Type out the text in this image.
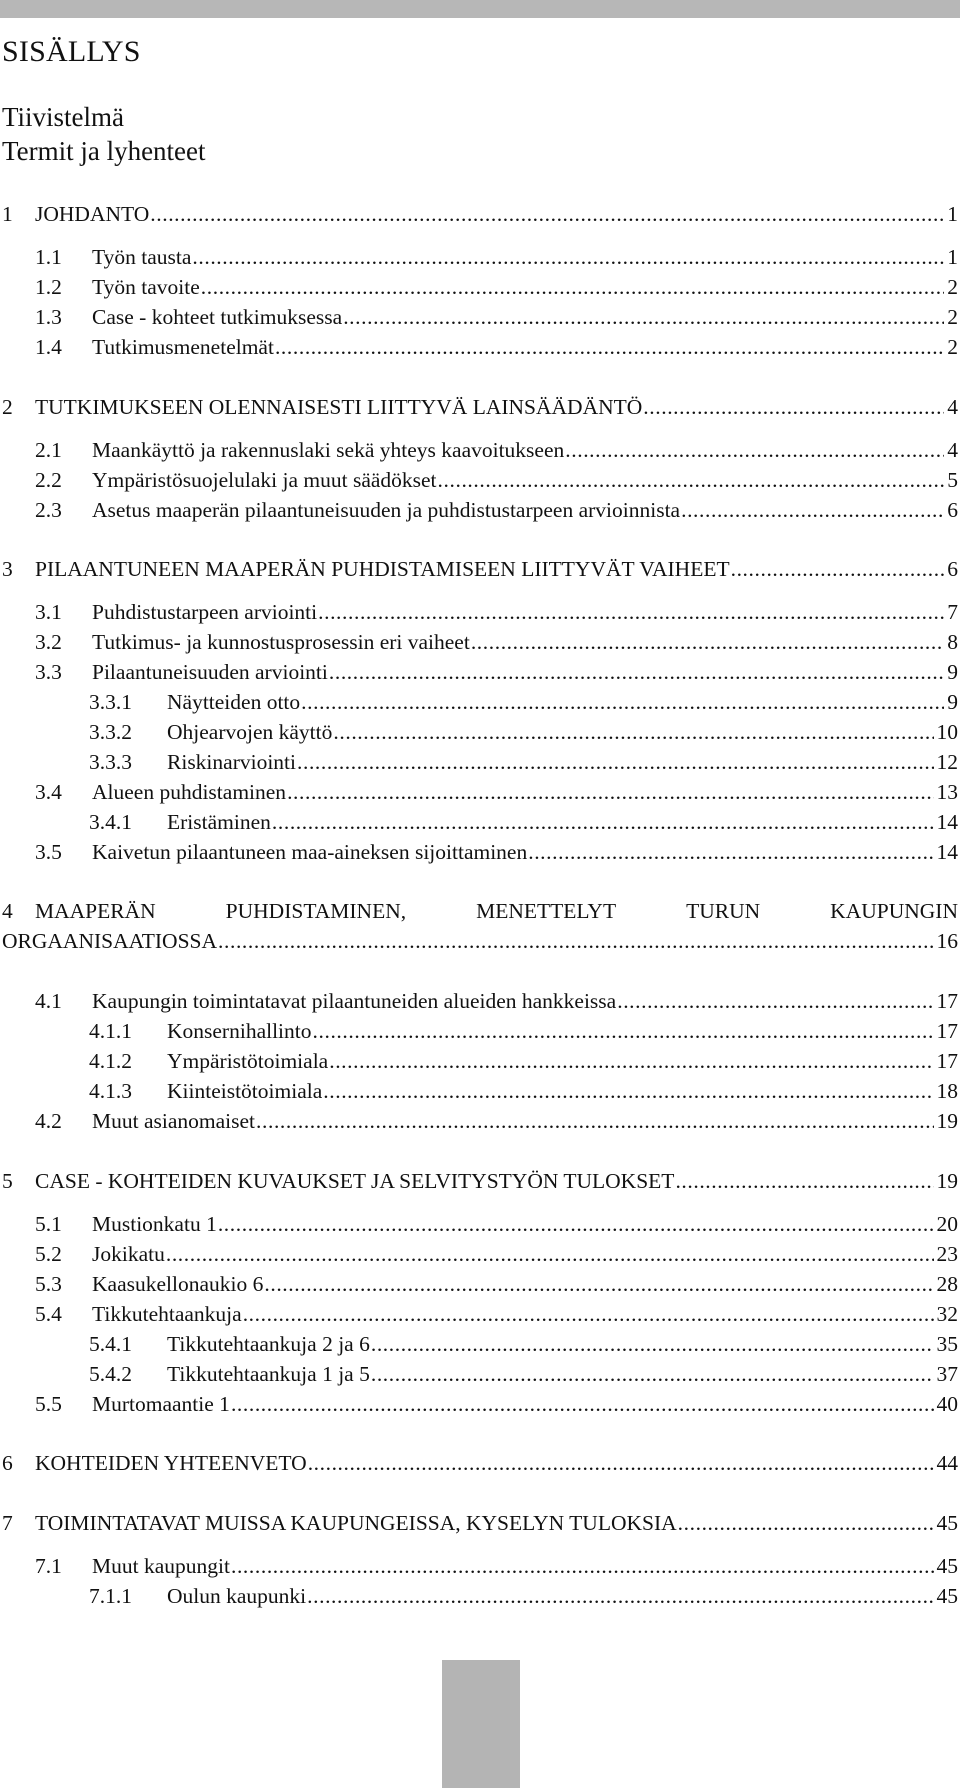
SISÄLLYS
Tiivistelmä
Termit ja lyhenteet
1 JOHDANTO .....	1
1.1 Työn tausta .....	1
1.2 Työn tavoite .....	2
1.3 Case - kohteet tutkimuksessa .....	2
1.4 Tutkimusmenetelmät .....	2
2 TUTKIMUKSEEN OLENNAISESTI LIITTYVÄ LAINSÄÄDÄNTÖ .....	4
2.1 Maankäyttö ja rakennuslaki sekä yhteys kaavoitukseen .....	4
2.2 Ympäristösuojelulaki ja muut säädökset .....	5
2.3 Asetus maaperän pilaantuneisuuden ja puhdistustarpeen arvioinnista .....	6
3 PILAANTUNEEN MAAPERÄN PUHDISTAMISEEN LIITTYVÄT VAIHEET .....	6
3.1 Puhdistustarpeen arviointi .....	7
3.2 Tutkimus- ja kunnostusprosessin eri vaiheet .....	8
3.3 Pilaantuneisuuden arviointi .....	9
3.3.1 Näytteiden otto .....	9
3.3.2 Ohjearvojen käyttö .....	10
3.3.3 Riskinarviointi .....	12
3.4 Alueen puhdistaminen .....	13
3.4.1 Eristäminen .....	14
3.5 Kaivetun pilaantuneen maa-aineksen sijoittaminen .....	14
4 MAAPERÄN	PUHDISTAMINEN,	MENETTELYT	TURUN	KAUPUNGIN
ORGAANISAATIOSSA .....	16
4.1 Kaupungin toimintatavat pilaantuneiden alueiden hankkeissa .....	17
4.1.1 Konsernihallinto .....	17
4.1.2 Ympäristötoimiala .....	17
4.1.3 Kiinteistötoimiala .....	18
4.2 Muut asianomaiset .....	19
5 CASE - KOHTEIDEN KUVAUKSET JA SELVITYSTYÖN TULOKSET .....	19
5.1 Mustionkatu 1 .....	20
5.2 Jokikatu .....	23
5.3 Kaasukellonaukio 6 .....	28
5.4 Tikkutehtaankuja .....	32
5.4.1 Tikkutehtaankuja 2 ja 6 .....	35
5.4.2 Tikkutehtaankuja 1 ja 5 .....	37
5.5 Murtomaantie 1 .....	40
6 KOHTEIDEN YHTEENVETO .....	44
7 TOIMINTATAVAT MUISSA KAUPUNGEISSA, KYSELYN TULOKSIA .....	45
7.1 Muut kaupungit .....	45
7.1.1 Oulun kaupunki .....	45
